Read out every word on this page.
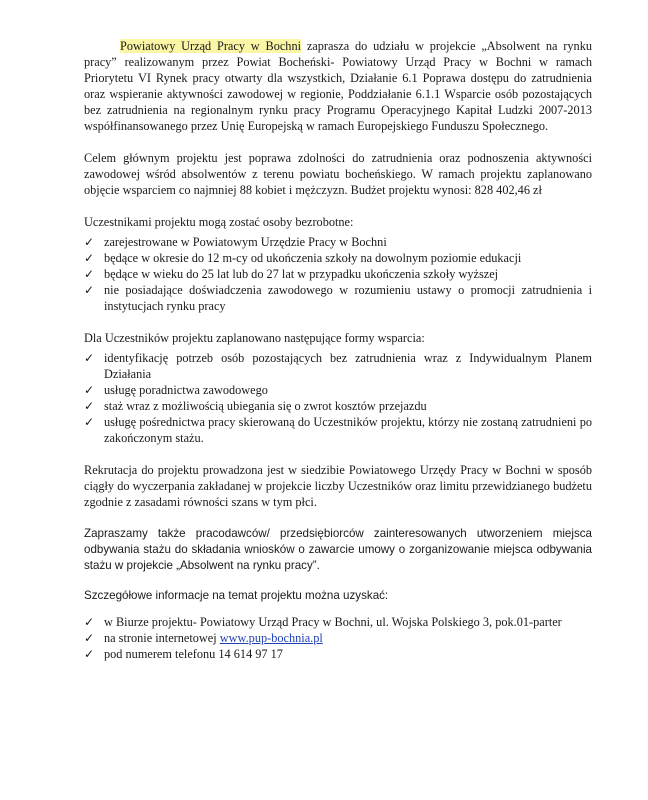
Powiatowy Urząd Pracy w Bochni zaprasza do udziału w projekcie „Absolwent na rynku pracy” realizowanym przez Powiat Bocheński- Powiatowy Urząd Pracy w Bochni w ramach Priorytetu VI Rynek pracy otwarty dla wszystkich, Działanie 6.1 Poprawa dostępu do zatrudnienia oraz wspieranie aktywności zawodowej w regionie, Poddziałanie 6.1.1 Wsparcie osób pozostających bez zatrudnienia na regionalnym rynku pracy Programu Operacyjnego Kapitał Ludzki 2007-2013 współfinansowanego przez Unię Europejską w ramach Europejskiego Funduszu Społecznego.

Celem głównym projektu jest poprawa zdolności do zatrudnienia oraz podnoszenia aktywności zawodowej wśród absolwentów z terenu powiatu bocheńskiego. W ramach projektu zaplanowano objęcie wsparciem co najmniej 88 kobiet i mężczyzn. Budżet projektu wynosi: 828 402,46 zł

Uczestnikami projektu mogą zostać osoby bezrobotne:

✓ zarejestrowane w Powiatowym Urzędzie Pracy w Bochni
✓ będące w okresie do 12 m-cy od ukończenia szkoły na dowolnym poziomie edukacji
✓ będące w wieku do 25 lat lub do 27 lat w przypadku ukończenia szkoły wyższej
✓ nie posiadające doświadczenia zawodowego w rozumieniu ustawy o promocji zatrudnienia i instytucjach rynku pracy

Dla Uczestników projektu zaplanowano następujące formy wsparcia:

✓ identyfikację potrzeb osób pozostających bez zatrudnienia wraz z Indywidualnym Planem Działania
✓ usługę poradnictwa zawodowego
✓ staż wraz z możliwością ubiegania się o zwrot kosztów przejazdu
✓ usługę pośrednictwa pracy skierowaną do Uczestników projektu, którzy nie zostaną zatrudnieni po zakończonym stażu.

Rekrutacja do projektu prowadzona jest w siedzibie Powiatowego Urzędy Pracy w Bochni w sposób ciągły do wyczerpania zakładanej w projekcie liczby Uczestników oraz limitu przewidzianego budżetu zgodnie z zasadami równości szans w tym płci.

Zapraszamy także pracodawców/ przedsiębiorców zainteresowanych utworzeniem miejsca odbywania stażu do składania wniosków o zawarcie umowy o zorganizowanie miejsca odbywania stażu w projekcie „Absolwent na rynku pracy”.

Szczegółowe informacje na temat projektu można uzyskać:

✓ w Biurze projektu- Powiatowy Urząd Pracy w Bochni, ul. Wojska Polskiego 3, pok.01-parter
✓ na stronie internetowej www.pup-bochnia.pl
✓ pod numerem telefonu 14 614 97 17
